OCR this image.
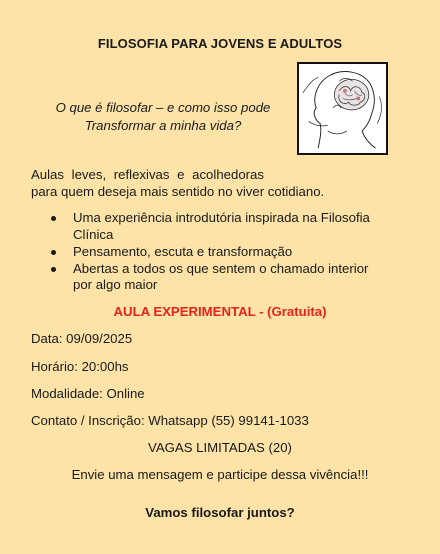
FILOSOFIA PARA JOVENS E ADULTOS
O que é filosofar – e como isso pode
Transformar a minha vida?
Aulas leves, reflexivas e acolhedoras
para quem deseja mais sentido no viver cotidiano.
Uma experiência introdutória inspirada na Filosofia
Clínica
Pensamento, escuta e transformação
Abertas a todos os que sentem o chamado interior
por algo maior
AULA EXPERIMENTAL - (Gratuita)
Data: 09/09/2025
Horário: 20:00hs
Modalidade: Online
Contato / Inscrição: Whatsapp (55) 99141-1033
VAGAS LIMITADAS (20)
Envie uma mensagem e participe dessa vivência!!!
Vamos filosofar juntos?
